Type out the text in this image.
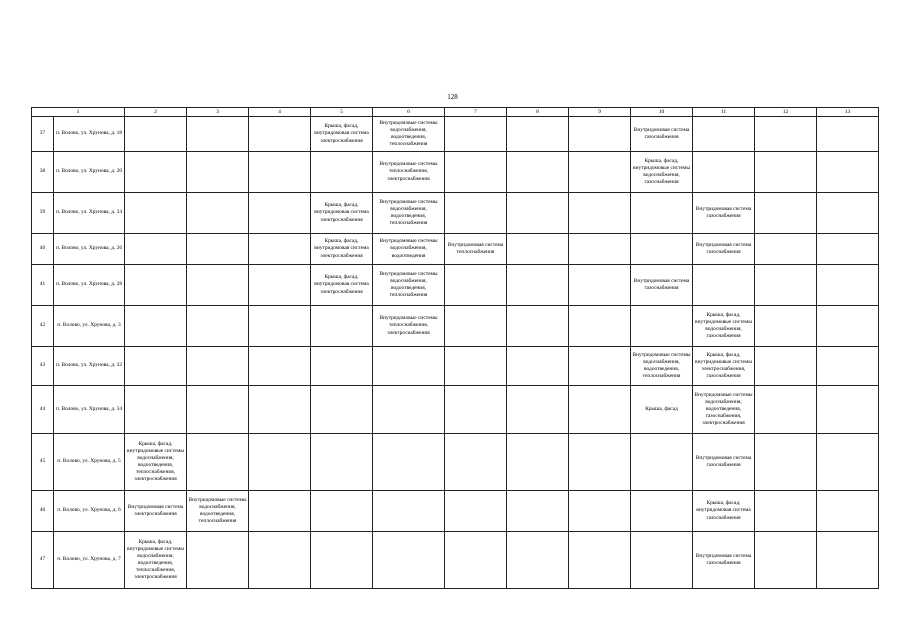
128
1		2	3	4	5	6	7	8	9	10	11	12	13
37	п. Волово, ул. Хрунова, д. 18				Крыша, фасад, внутридомовая система электроснабжения	Внутридомовые системы водоснабжения, водоотведения, теплоснабжения				Внутридомовая система газоснабжения			
38	п. Волово, ул. Хрунова, д. 20					Внутридомовые системы теплоснабжения, электроснабжения				Крыша, фасад, внутридомовые системы водоснабжения, газоснабжения			
39	п. Волово, ул. Хрунова, д. 24				Крыша, фасад, внутридомовая система электроснабжения	Внутридомовые системы водоснабжения, водоотведения, теплоснабжения					Внутридомовая система газоснабжения		
40	п. Волово, ул. Хрунова, д. 26				Крыша, фасад, внутридомовая система электроснабжения	Внутридомовые системы водоснабжения, водоотведения	Внутридомовая система теплоснабжения				Внутридомовая система газоснабжения		
41	п. Волово, ул. Хрунова, д. 28				Крыша, фасад, внутридомовая система электроснабжения	Внутридомовые системы водоснабжения, водоотведения, теплоснабжения				Внутридомовая система газоснабжения			
42	п. Волово, ул. Хрунова, д. 3					Внутридомовые системы теплоснабжения, электроснабжения					Крыша, фасад, внутридомовые системы водоснабжения, газоснабжения		
43	п. Волово, ул. Хрунова, д. 32									Внутридомовые системы водоснабжения, водоотведения, теплоснабжения	Крыша, фасад, внутридомовые системы электроснабжения, газоснабжения		
44	п. Волово, ул. Хрунова, д. 34									Крыша, фасад	Внутридомовые системы водоснабжения, водоотведения, газоснабжения, электроснабжения		
45	п. Волово, ул. Хрунова, д. 5	Крыша, фасад, внутридомовые системы водоснабжения, водоотведения, теплоснабжения, электроснабжения									Внутридомовая система газоснабжения		
46	п. Волово, ул. Хрунова, д. 6	Внутридомовая система электроснабжения	Внутридомовые системы водоснабжения, водоотведения, теплоснабжения								Крыша, фасад, внутридомовая система газоснабжения		
47	п. Волово, ул. Хрунова, д. 7	Крыша, фасад, внутридомовые системы водоснабжения, водоотведения, теплоснабжения, электроснабжения									Внутридомовая система газоснабжения		
